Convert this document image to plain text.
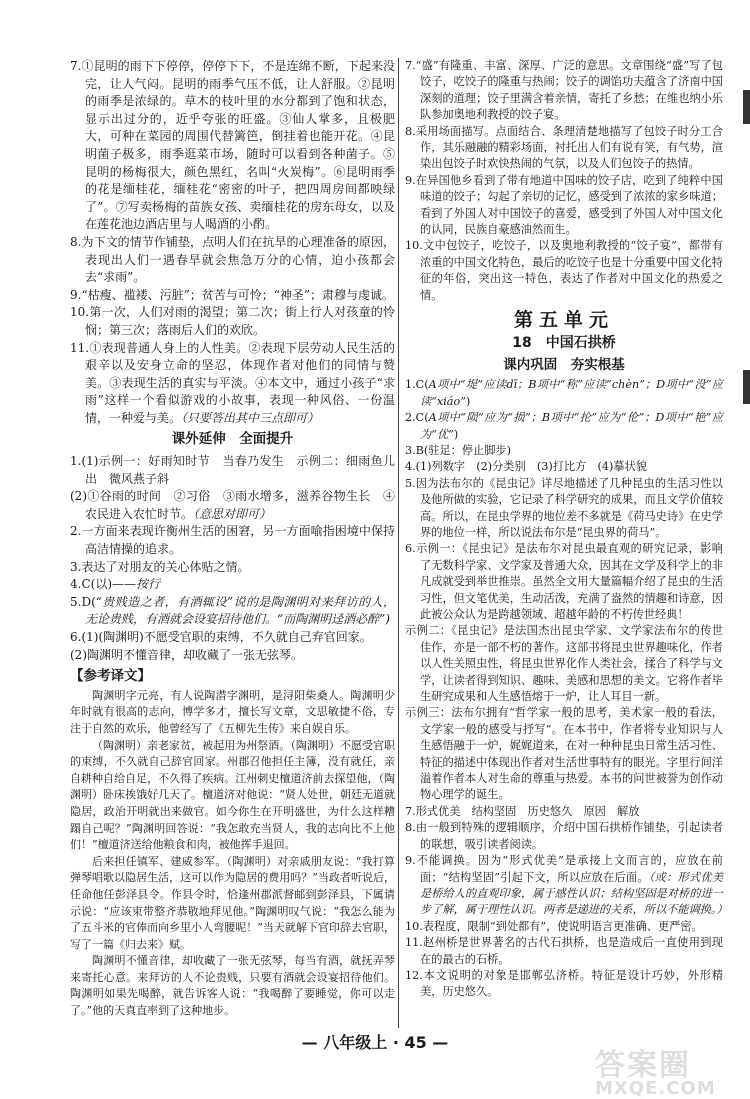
7.①昆明的雨下下停停，停停下下，不是连绵不断，下起来没完，让人气闷。昆明的雨季气压不低，让人舒服。②昆明的雨季是浓绿的。草木的枝叶里的水分都到了饱和状态，显示出过分的，近乎夸张的旺盛。③仙人掌多，且极肥大，可种在菜园的周围代替篱笆，倒挂着也能开花。④昆明菌子极多，雨季逛菜市场，随时可以看到各种菌子。⑤昆明的杨梅很大，颜色黑红，名叫“火炭梅”。⑥昆明雨季的花是缅桂花，缅桂花“密密的叶子，把四周房间都映绿了”。⑦写卖杨梅的苗族女孩、卖缅桂花的房东母女，以及在莲花池边酒店里与人喝酒的小酌。

8.为下文的情节作铺垫，点明人们在抗旱的心理准备的原因，表现出人们一遇春旱就会焦急万分的心情，迫小孩都会去“求雨”。

9.“枯瘦、褴褛、污脏”；贫苦与可怜；“神圣”；肃穆与虔诚。

10.第一次，人们对雨的渴望；第二次；街上行人对孩童的怜悯；第三次；落雨后人们的欢欣。

11.①表现普通人身上的人性美。②表现下层劳动人民生活的艰辛以及安身立命的坚忍，体现作者对他们的同情与赞美。③表现生活的真实与平淡。④本文中，通过小孩子“求雨”这样一个看似游戏的小故事，表现一种风俗、一份温情，一种爱与美。（只要答出其中三点即可）

课外延伸　全面提升

1.(1)示例一：好雨知时节　当春乃发生　示例二：细雨鱼儿出　微风燕子斜

(2)①谷雨的时间　②习俗　③雨水增多，滋养谷物生长　④农民进入农忙时节。（意思对即可）

2.一方面来表现许衡州生活的困窘，另一方面喻指困境中保持高洁情操的追求。

3.表达了对朋友的关心体贴之情。

4.C(以)——按行

5.D(“贵贱造之者，有酒辄设”说的是陶渊明对来拜访的人，无论贵贱，有酒就会设宴招待他们。“而陶渊明迳酒必醉”)

6.(1)(陶渊明)不愿受官职的束缚，不久就自己弃官回家。

(2)陶渊明不懂音律，却收藏了一张无弦琴。

【参考译文】

陶渊明字元亮，有人说陶潜字渊明，是浔阳柴桑人。陶渊明少年时就有很高的志向，博学多才，擅长写文章，文思敏捷不俗，专注于自然的欢乐，他曾经写了《五柳先生传》来自娱自乐。

（陶渊明）亲老家贫，被起用为州祭酒。（陶渊明）不愿受官职的束缚，不久就自己辞官回家。州郡召他担任主簿，没有就任，亲自耕种自给自足，不久得了疾病。江州刺史檀道济前去探望他，（陶渊明）卧床挨饿好几天了。檀道济对他说：“贤人处世，朝廷无道就隐居，政治开明就出来做官。如今你生在开明盛世，为什么这样糟蹋自己呢？”陶渊明回答说：“我怎敢充当贤人，我的志向比不上他们！”檀道济送给他粮食和肉，被他挥手退回。

后来担任镇军、建威参军。（陶渊明）对亲戚朋友说：“我打算弹琴唱歌以隐居生活，这可以作为隐居的费用吗？”当政者听说后，任命他任彭泽县令。作县令时，恰逢州郡派督邮到彭泽县，下属请示说：“应该束带整齐恭敬地拜见他。”陶渊明叹气说：“我怎么能为了五斗米的官俸而向乡里小人弯腰呢！”当天就解下官印辞去官职，写了一篇《归去来》赋。

陶渊明不懂音律，却收藏了一张无弦琴，每当有酒，就抚弄琴来寄托心意。来拜访的人不论贵贱，只要有酒就会设宴招待他们。陶渊明如果先喝醉，就告诉客人说：“我喝醉了要睡觉，你可以走了。”他的天真直率到了这种地步。

7.“盛”有隆重、丰富、深厚、广泛的意思。文章围绕“盛”写了包饺子，吃饺子的隆重与热闹；饺子的调馅功夫蕴含了济南中国深刻的道理；饺子里满含着亲情，寄托了乡愁；在维也纳小乐队参加奥地利教授的饺子宴。

8.采用场面描写。点面结合、条理清楚地描写了包饺子时分工合作，其乐融融的精彩场面，衬托出人们有说有笑，有气势，渲染出包饺子时欢快热闹的气氛，以及人们包饺子的热情。

9.在异国他乡看到了带有地道中国味的饺子店，吃到了纯粹中国味道的饺子；勾起了亲切的记忆，感受到了浓浓的家乡味道；看到了外国人对中国饺子的喜爱，感受到了外国人对中国文化的认同，民族自豪感油然而生。

10.文中包饺子，吃饺子，以及奥地利教授的“饺子宴”，都带有浓重的中国文化特色，最后的吃饺子也是十分重要中国文化特征的年俗，突出这一特色，表达了作者对中国文化的热爱之情。

第五单元
18 中国石拱桥
课内巩固　夯实根基

1.C(A项中“堤”应读dī；B项中“称”应读“chèn”；D项中“没”应读“xiáo”)

2.C(A项中“陨”应为“损”；B项中“抡”应为“伦”；D项中“艳”应为“优”)

3.B(驻足：停止脚步)

4.(1)列数字　(2)分类别　(3)打比方　(4)摹状貌

5.因为法布尔的《昆虫记》详尽地描述了几种昆虫的生活习性以及他所做的实验，它记录了科学研究的成果，而且文学价值较高。所以，在昆虫学界的地位差不多就是《荷马史诗》在史学界的地位一样，所以说法布尔是“昆虫界的荷马”。

6.示例一：《昆虫记》是法布尔对昆虫最直观的研究记录，影响了无数科学家、文学家及普通大众，因其在文学及科学上的非凡成就受到举世推崇。虽然全文用大量篇幅介绍了昆虫的生活习性，但文笔优美，生动活泼，充满了盎然的情趣和诗意，因此被公众认为是跨越领域、超越年龄的不朽传世经典！

示例二：《昆虫记》是法国杰出昆虫学家、文学家法布尔的传世佳作，亦是一部不朽的著作。这部书将昆虫世界趣味化，作者以人性关照虫性，将昆虫世界化作人类社会，揉合了科学与文学，让读者得到知识、趣味、美感和思想的美文。它将作者毕生研究成果和人生感悟熔于一炉，让人耳目一新。

示例三：法布尔拥有“哲学家一般的思考，美术家一般的看法，文学家一般的感受与抒写”。在本书中，作者将专业知识与人生感悟融于一炉，娓娓道来，在对一种种昆虫日常生活习性、特征的描述中体现出作者对生活世事特有的眼光。字里行间洋溢着作者本人对生命的尊重与热爱。本书的问世被誉为创作动物心理学的诞生。

7.形式优美　结构坚固　历史悠久　原因　解放

8.由一般到特殊的逻辑顺序，介绍中国石拱桥作铺垫，引起读者的联想，吸引读者阅读。

9.不能调换。因为“形式优美”是承接上文而言的，应放在前面；“结构坚固”引起下文，所以应放在后面。（或：形式优美是桥给人的直观印象，属于感性认识；结构坚固是对桥的进一步了解，属于理性认识。两者是递进的关系，所以不能调换。）

10.表程度，限制“到处都有”，使说明语言更准确、更严密。

11.赵州桥是世界著名的古代石拱桥，也是造成后一直使用到现在的最古的石桥。

12.本文说明的对象是邯郸弘济桥。特征是设计巧妙，外形精美，历史悠久。

— 八年级上 · 45 —
答案圈
MXQE.COM
